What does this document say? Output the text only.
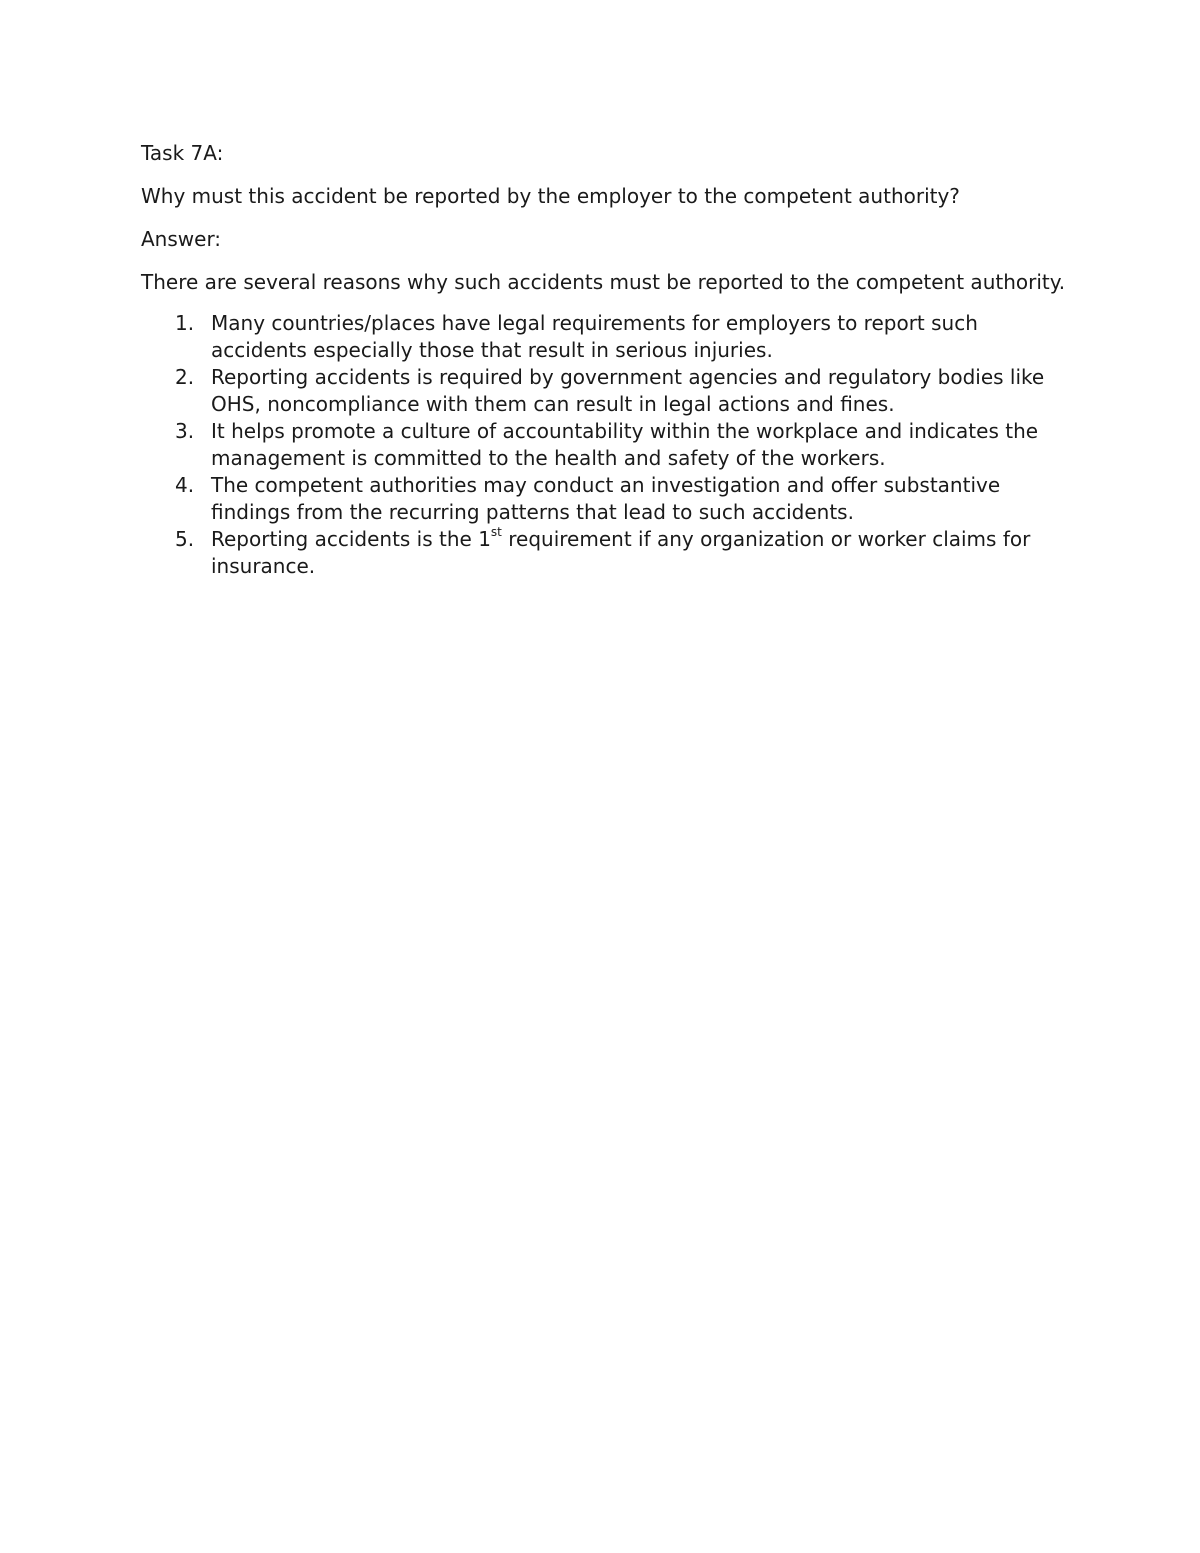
Task 7A:

Why must this accident be reported by the employer to the competent authority?

Answer:

There are several reasons why such accidents must be reported to the competent authority.

1. Many countries/places have legal requirements for employers to report such accidents especially those that result in serious injuries.
2. Reporting accidents is required by government agencies and regulatory bodies like OHS, noncompliance with them can result in legal actions and fines.
3. It helps promote a culture of accountability within the workplace and indicates the management is committed to the health and safety of the workers.
4. The competent authorities may conduct an investigation and offer substantive findings from the recurring patterns that lead to such accidents.
5. Reporting accidents is the 1st requirement if any organization or worker claims for insurance.
